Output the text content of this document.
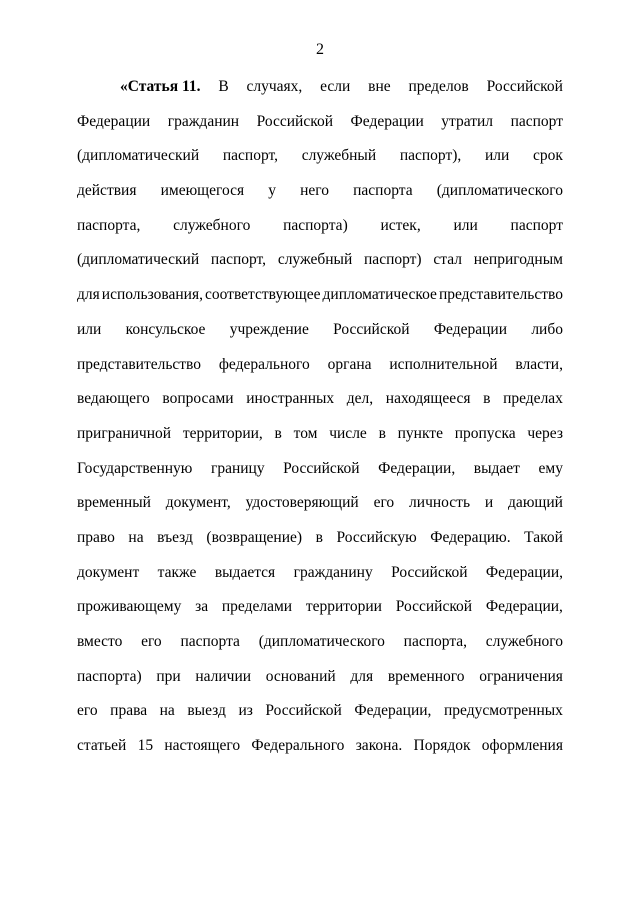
2
«Статья 11. В случаях, если вне пределов Российской
Федерации гражданин Российской Федерации утратил паспорт
(дипломатический паспорт, служебный паспорт), или срок
действия имеющегося у него паспорта (дипломатического
паспорта, служебного паспорта) истек, или паспорт
(дипломатический паспорт, служебный паспорт) стал непригодным
для использования, соответствующее дипломатическое представительство
или консульское учреждение Российской Федерации либо
представительство федерального органа исполнительной власти,
ведающего вопросами иностранных дел, находящееся в пределах
приграничной территории, в том числе в пункте пропуска через
Государственную границу Российской Федерации, выдает ему
временный документ, удостоверяющий его личность и дающий
право на въезд (возвращение) в Российскую Федерацию. Такой
документ также выдается гражданину Российской Федерации,
проживающему за пределами территории Российской Федерации,
вместо его паспорта (дипломатического паспорта, служебного
паспорта) при наличии оснований для временного ограничения
его права на выезд из Российской Федерации, предусмотренных
статьей 15 настоящего Федерального закона. Порядок оформления
